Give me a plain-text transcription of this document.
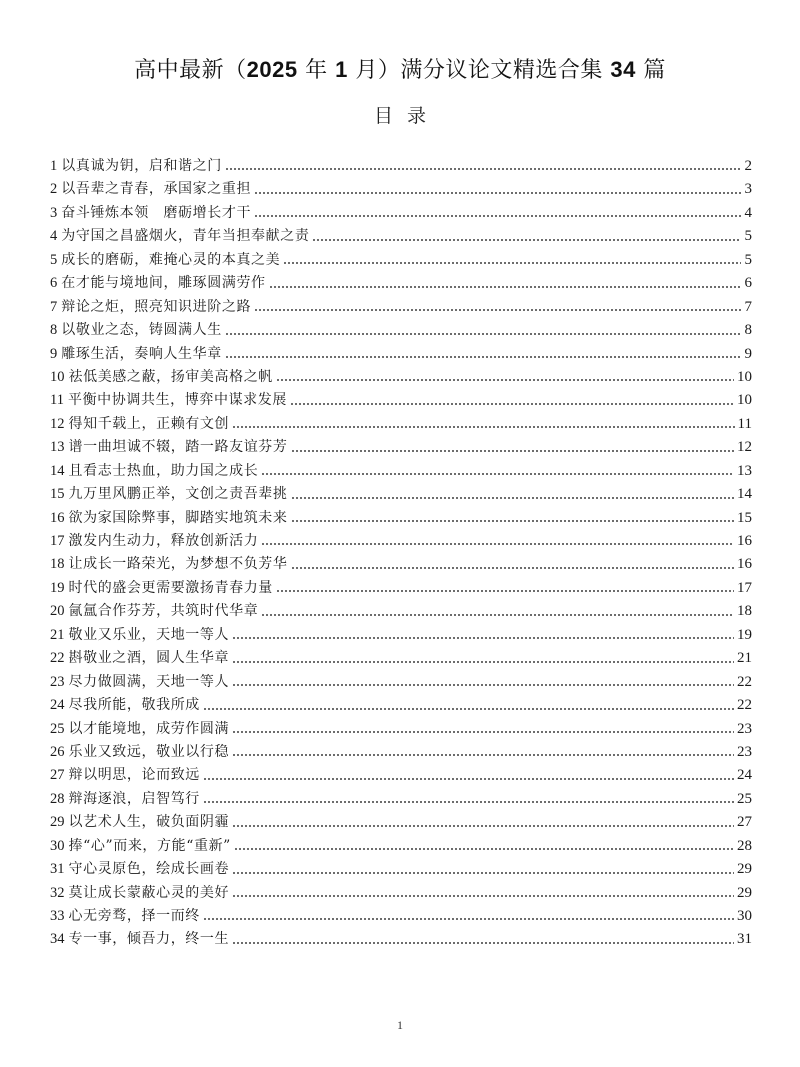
高中最新（2025 年 1 月）满分议论文精选合集 34 篇
目录
1 以真诚为钥，启和谐之门	2
2 以吾辈之青春，承国家之重担	3
3 奋斗锤炼本领　磨砺增长才干	4
4 为守国之昌盛烟火，青年当担奉献之责	5
5 成长的磨砺，难掩心灵的本真之美	5
6 在才能与境地间，雕琢圆满劳作	6
7 辩论之炬，照亮知识进阶之路	7
8 以敬业之态，铸圆满人生	8
9 雕琢生活，奏响人生华章	9
10 祛低美感之蔽，扬审美高格之帆	10
11 平衡中协调共生，博弈中谋求发展	10
12 得知千载上，正赖有文创	11
13 谱一曲坦诚不辍，踏一路友谊芬芳	12
14 且看志士热血，助力国之成长	13
15 九万里风鹏正举，文创之责吾辈挑	14
16 欲为家国除弊事，脚踏实地筑未来	15
17 激发内生动力，释放创新活力	16
18 让成长一路荣光，为梦想不负芳华	16
19 时代的盛会更需要激扬青春力量	17
20 氤氲合作芬芳，共筑时代华章	18
21 敬业又乐业，天地一等人	19
22 斟敬业之酒，圆人生华章	21
23 尽力做圆满，天地一等人	22
24 尽我所能，敬我所成	22
25 以才能境地，成劳作圆满	23
26 乐业又致远，敬业以行稳	23
27 辩以明思，论而致远	24
28 辩海逐浪，启智笃行	25
29 以艺术人生，破负面阴霾	27
30 捧“心”而来，方能“重新”	28
31 守心灵原色，绘成长画卷	29
32 莫让成长蒙蔽心灵的美好	29
33 心无旁骛，择一而终	30
34 专一事，倾吾力，终一生	31
1
